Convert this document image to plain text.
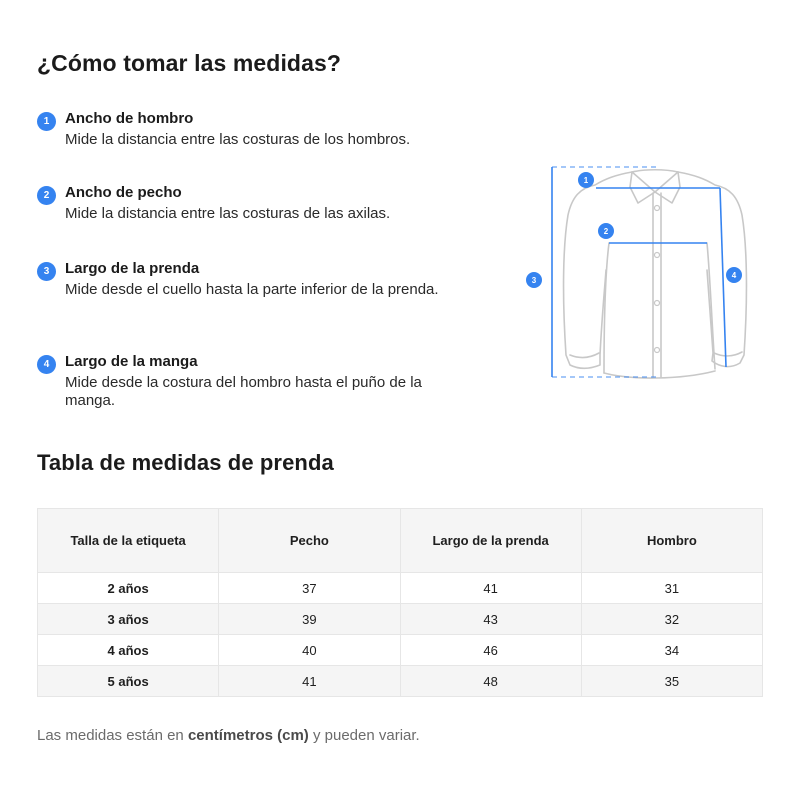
¿Cómo tomar las medidas?
1	Ancho de hombro
Mide la distancia entre las costuras de los hombros.
2	Ancho de pecho
Mide la distancia entre las costuras de las axilas.
3	Largo de la prenda
Mide desde el cuello hasta la parte inferior de la prenda.
4	Largo de la manga
Mide desde la costura del hombro hasta el puño de la manga.
1
2
3
4
Tabla de medidas de prenda
Talla de la etiqueta	Pecho	Largo de la prenda	Hombro
2 años	37	41	31
3 años	39	43	32
4 años	40	46	34
5 años	41	48	35

Las medidas están en centímetros (cm) y pueden variar.
